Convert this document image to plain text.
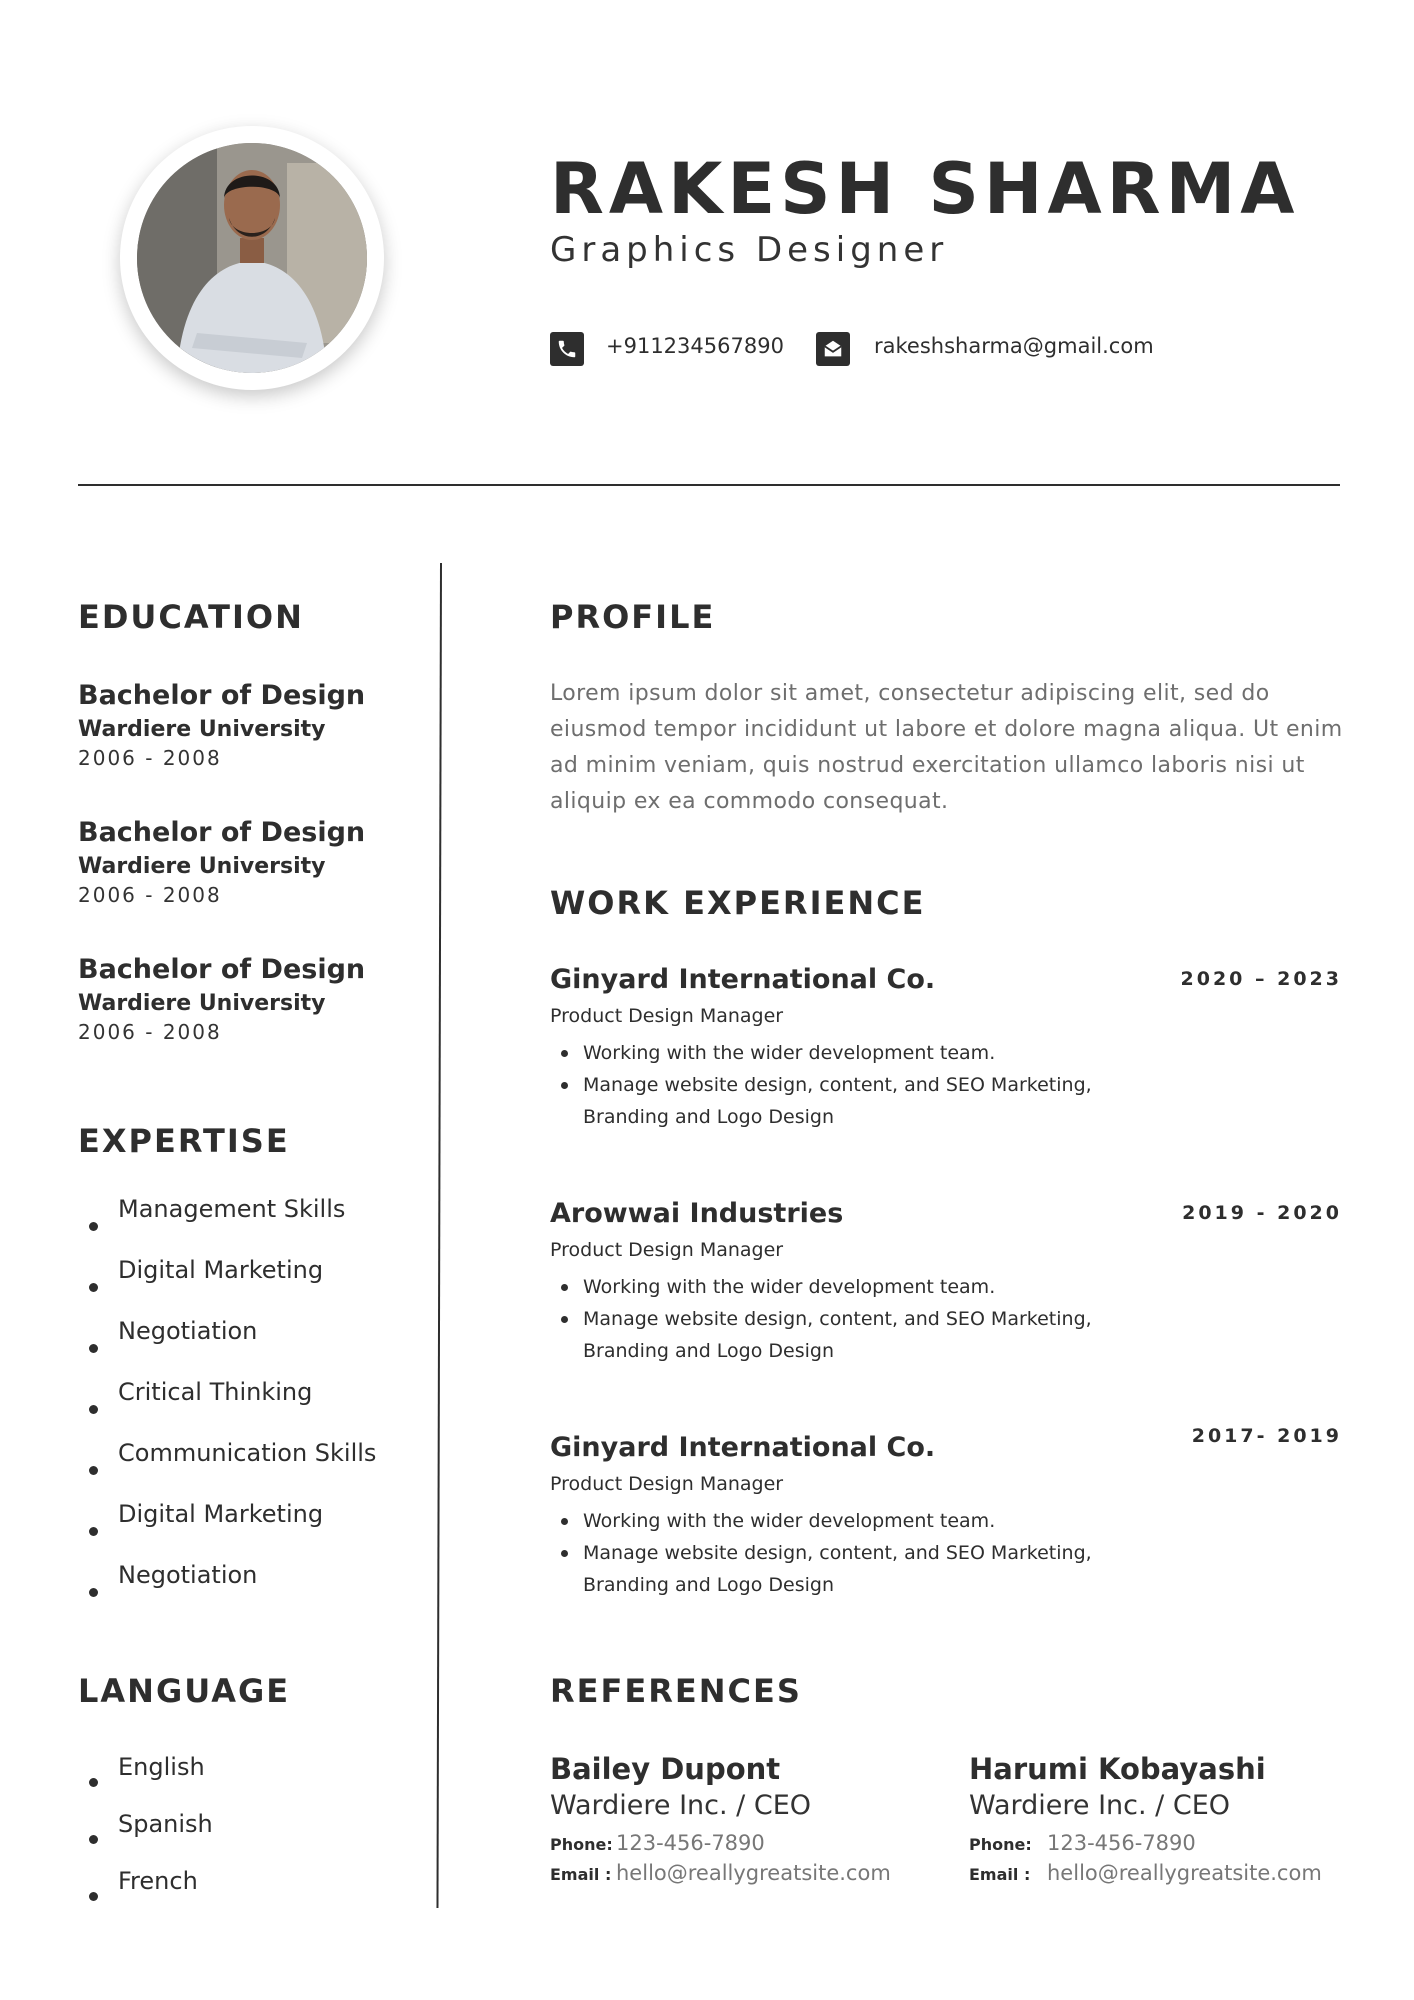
RAKESH SHARMA
Graphics Designer
+911234567890	rakeshsharma@gmail.com
EDUCATION
Bachelor of Design
Wardiere University
2006 - 2008
Bachelor of Design
Wardiere University
2006 - 2008
Bachelor of Design
Wardiere University
2006 - 2008
EXPERTISE
Management Skills
Digital Marketing
Negotiation
Critical Thinking
Communication Skills
Digital Marketing
Negotiation
LANGUAGE
English
Spanish
French
PROFILE
Lorem ipsum dolor sit amet, consectetur adipiscing elit, sed do eiusmod tempor incididunt ut labore et dolore magna aliqua. Ut enim ad minim veniam, quis nostrud exercitation ullamco laboris nisi ut aliquip ex ea commodo consequat.
WORK EXPERIENCE
Ginyard International Co.	2020 – 2023
Product Design Manager
Working with the wider development team.
Manage website design, content, and SEO Marketing, Branding and Logo Design
Arowwai Industries	2019 - 2020
Product Design Manager
Working with the wider development team.
Manage website design, content, and SEO Marketing, Branding and Logo Design
Ginyard International Co.	2017- 2019
Product Design Manager
Working with the wider development team.
Manage website design, content, and SEO Marketing, Branding and Logo Design
REFERENCES
Bailey Dupont
Wardiere Inc. / CEO
Phone: 123-456-7890
Email : hello@reallygreatsite.com
Harumi Kobayashi
Wardiere Inc. / CEO
Phone: 123-456-7890
Email : hello@reallygreatsite.com
